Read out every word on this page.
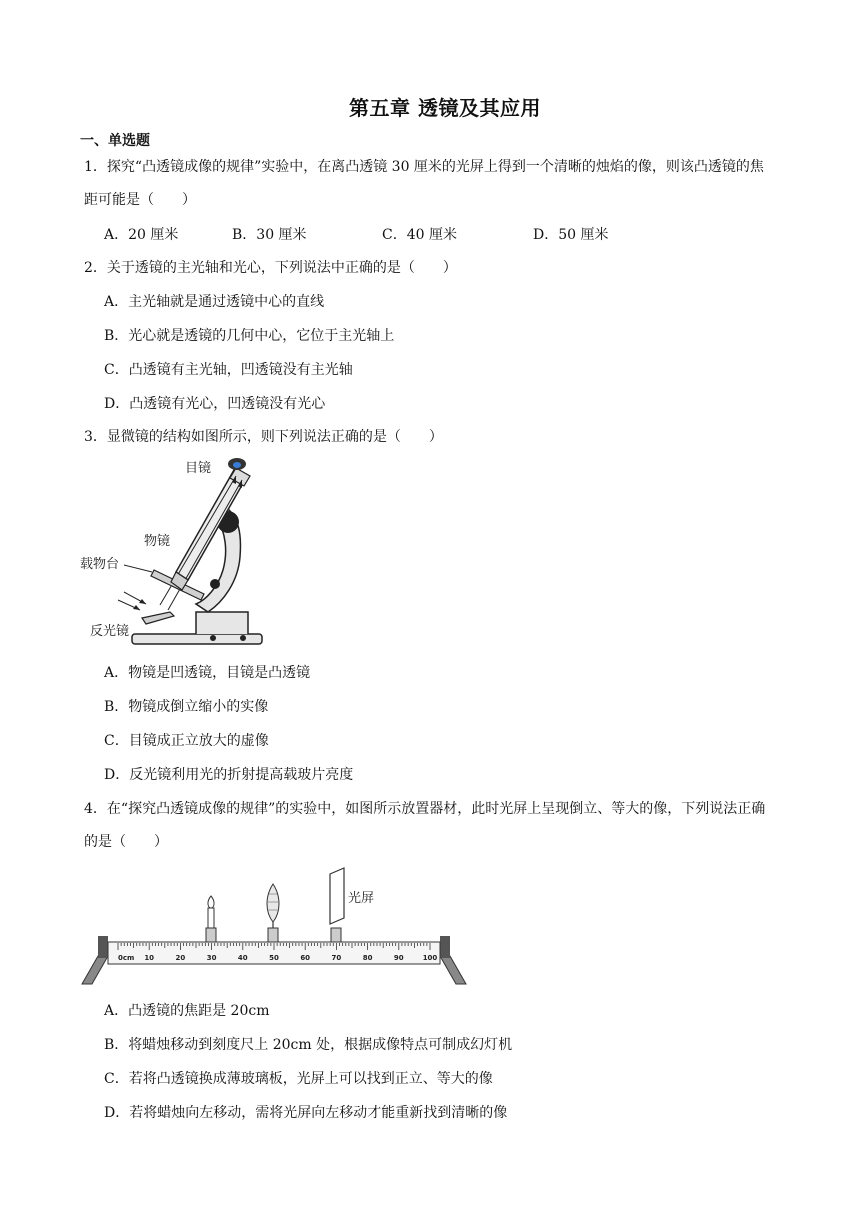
第五章 透镜及其应用
一、单选题
1．探究“凸透镜成像的规律”实验中，在离凸透镜 30 厘米的光屏上得到一个清晰的烛焰的像，则该凸透镜的焦
距可能是（　　）
A．20 厘米	B．30 厘米	C．40 厘米	D．50 厘米
2．关于透镜的主光轴和光心，下列说法中正确的是（　　）
A．主光轴就是通过透镜中心的直线
B．光心就是透镜的几何中心，它位于主光轴上
C．凸透镜有主光轴，凹透镜没有主光轴
D．凸透镜有光心，凹透镜没有光心
3．显微镜的结构如图所示，则下列说法正确的是（　　）
目镜
物镜
载物台
反光镜
A．物镜是凹透镜，目镜是凸透镜
B．物镜成倒立缩小的实像
C．目镜成正立放大的虚像
D．反光镜利用光的折射提高载玻片亮度
4．在“探究凸透镜成像的规律”的实验中，如图所示放置器材，此时光屏上呈现倒立、等大的像，下列说法正确
的是（　　）
0cm 10	20	30	40	50	60	70	80	90	100
光屏
A．凸透镜的焦距是 20cm
B．将蜡烛移动到刻度尺上 20cm 处，根据成像特点可制成幻灯机
C．若将凸透镜换成薄玻璃板，光屏上可以找到正立、等大的像
D．若将蜡烛向左移动，需将光屏向左移动才能重新找到清晰的像
